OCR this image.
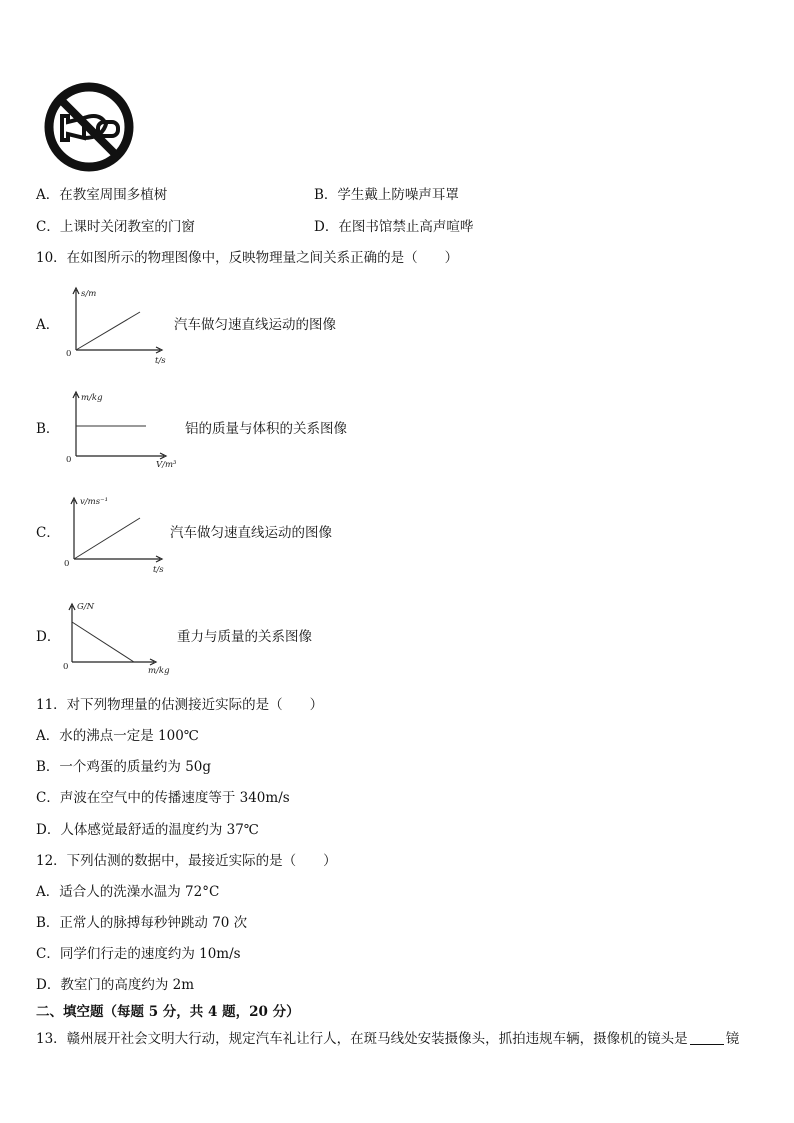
A．在教室周围多植树	B．学生戴上防噪声耳罩
C．上课时关闭教室的门窗	D．在图书馆禁止高声喧哗
10．在如图所示的物理图像中，反映物理量之间关系正确的是（　　）
A．	汽车做匀速直线运动的图像
s/m
t/s
0
B．	铝的质量与体积的关系图像
m/kg
V/m³
0
C．	汽车做匀速直线运动的图像
v/ms⁻¹
t/s
0
D．	重力与质量的关系图像
G/N
m/kg
0
11．对下列物理量的估测接近实际的是（　　）
A．水的沸点一定是 100℃
B．一个鸡蛋的质量约为 50g
C．声波在空气中的传播速度等于 340m/s
D．人体感觉最舒适的温度约为 37℃
12．下列估测的数据中，最接近实际的是（　　）
A．适合人的洗澡水温为 72°C
B．正常人的脉搏每秒钟跳动 70 次
C．同学们行走的速度约为 10m/s
D．教室门的高度约为 2m
二、填空题（每题 5 分，共 4 题，20 分）
13．赣州展开社会文明大行动，规定汽车礼让行人，在斑马线处安装摄像头，抓拍违规车辆，摄像机的镜头是	镜
